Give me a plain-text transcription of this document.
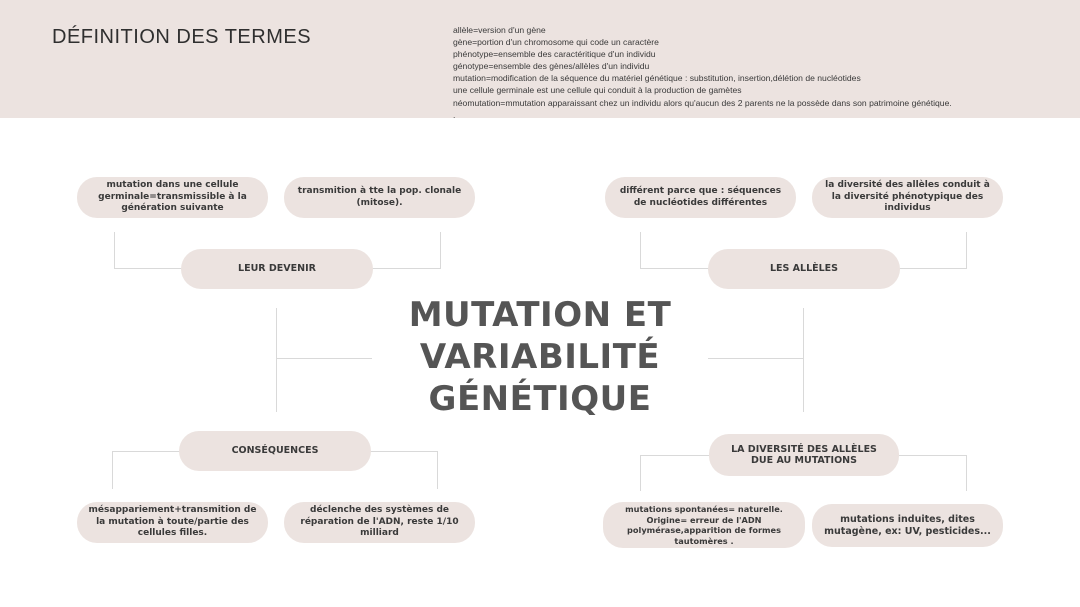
DÉFINITION DES TERMES	allèle=version d'un gène
gène=portion d'un chromosome qui code un caractère
phénotype=ensemble des caractéritique d'un individu
génotype=ensemble des gènes/allèles d'un individu
mutation=modification de la séquence du matériel génétique : substitution, insertion,délétion de nucléotides
une cellule germinale est une cellule qui conduit à la production de gamètes
néomutation=mmutation apparaissant chez un individu alors qu'aucun des 2 parents ne la possède dans son patrimoine génétique.
.
MUTATION ET VARIABILITÉ GÉNÉTIQUE
mutation dans une cellule germinale=transmissible à la génération suivante
transmition à tte la pop. clonale (mitose).
LEUR DEVENIR
différent parce que : séquences de nucléotides différentes
la diversité des allèles conduit à la diversité phénotypique des individus
LES ALLÈLES
CONSÉQUENCES
mésappariement+transmition de la mutation à toute/partie des cellules filles.
déclenche des systèmes de réparation de l'ADN, reste 1/10 milliard
LA DIVERSITÉ DES ALLÈLES DUE AU MUTATIONS
mutations spontanées= naturelle. Origine= erreur de l'ADN polymérase,apparition de formes tautomères .
mutations induites, dites mutagène, ex: UV, pesticides...
